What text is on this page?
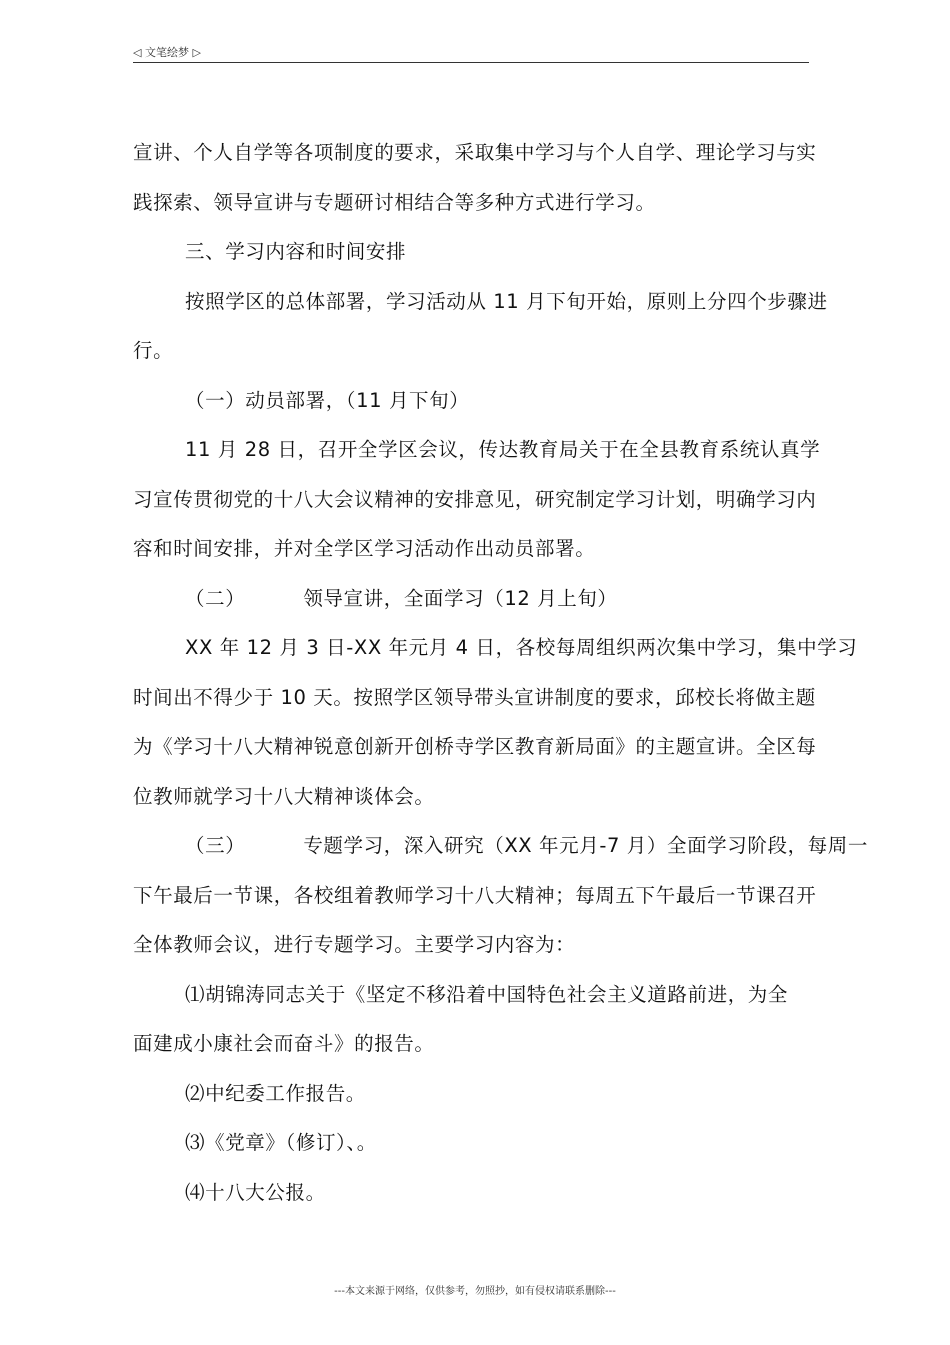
◁ 文笔绘梦 ▷

宣讲、个人自学等各项制度的要求，采取集中学习与个人自学、理论学习与实

践探索、领导宣讲与专题研讨相结合等多种方式进行学习。

三、学习内容和时间安排

按照学区的总体部署，学习活动从 11 月下旬开始，原则上分四个步骤进

行。

（一）动员部署，（11 月下旬）

11 月 28 日，召开全学区会议，传达教育局关于在全县教育系统认真学

习宣传贯彻党的十八大会议精神的安排意见，研究制定学习计划，明确学习内

容和时间安排，并对全学区学习活动作出动员部署。

（二）	领导宣讲，全面学习（12 月上旬）

XX 年 12 月 3 日-XX 年元月 4 日，各校每周组织两次集中学习，集中学习

时间出不得少于 10 天。按照学区领导带头宣讲制度的要求，邱校长将做主题

为《学习十八大精神锐意创新开创桥寺学区教育新局面》的主题宣讲。全区每

位教师就学习十八大精神谈体会。

（三）	专题学习，深入研究（XX 年元月-7 月）全面学习阶段，每周一

下午最后一节课，各校组着教师学习十八大精神；每周五下午最后一节课召开

全体教师会议，进行专题学习。主要学习内容为：

⑴胡锦涛同志关于《坚定不移沿着中国特色社会主义道路前进，为全

面建成小康社会而奋斗》的报告。

⑵中纪委工作报告。

⑶《党章》（修订）、。

⑷十八大公报。

---本文来源于网络，仅供参考，勿照抄，如有侵权请联系删除---
